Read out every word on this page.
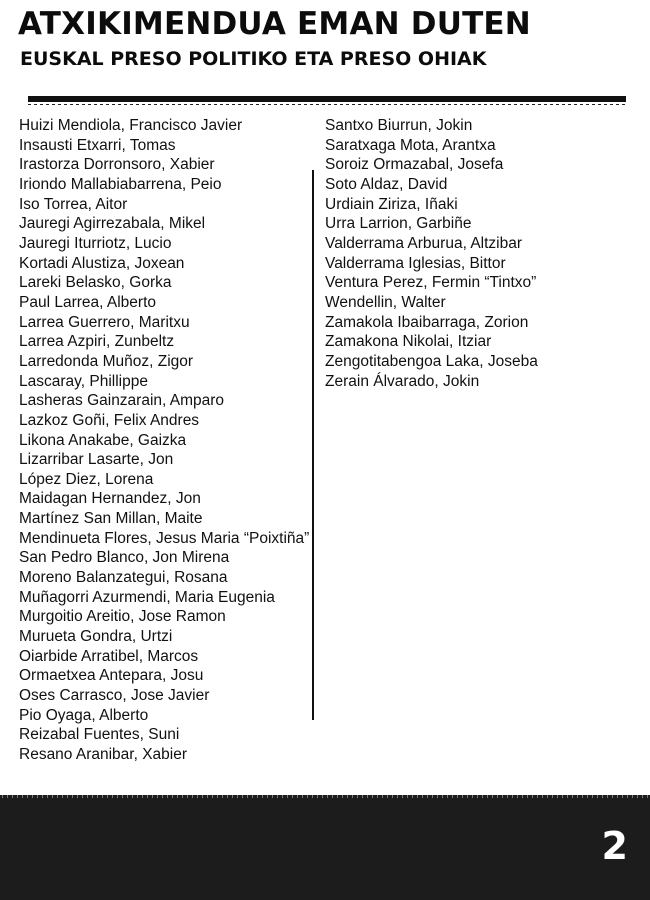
ATXIKIMENDUA EMAN DUTEN
EUSKAL PRESO POLITIKO ETA PRESO OHIAK
Huizi Mendiola, Francisco Javier
Insausti Etxarri, Tomas
Irastorza Dorronsoro, Xabier
Iriondo Mallabiabarrena, Peio
Iso Torrea, Aitor
Jauregi Agirrezabala, Mikel
Jauregi Iturriotz, Lucio
Kortadi Alustiza, Joxean
Lareki Belasko, Gorka
Paul Larrea, Alberto
Larrea Guerrero, Maritxu
Larrea Azpiri, Zunbeltz
Larredonda Muñoz, Zigor
Lascaray, Phillippe
Lasheras Gainzarain, Amparo
Lazkoz Goñi, Felix Andres
Likona Anakabe, Gaizka
Lizarribar Lasarte, Jon
López Diez, Lorena
Maidagan Hernandez, Jon
Martínez San Millan, Maite
Mendinueta Flores, Jesus Maria “Poixtiña”
San Pedro Blanco, Jon Mirena
Moreno Balanzategui, Rosana
Muñagorri Azurmendi, Maria Eugenia
Murgoitio Areitio, Jose Ramon
Murueta Gondra, Urtzi
Oiarbide Arratibel, Marcos
Ormaetxea Antepara, Josu
Oses Carrasco, Jose Javier
Pio Oyaga, Alberto
Reizabal Fuentes, Suni
Resano Aranibar, Xabier
Santxo Biurrun, Jokin
Saratxaga Mota, Arantxa
Soroiz Ormazabal, Josefa
Soto Aldaz, David
Urdiain Ziriza, Iñaki
Urra Larrion, Garbiñe
Valderrama Arburua, Altzibar
Valderrama Iglesias, Bittor
Ventura Perez, Fermin “Tintxo”
Wendellin, Walter
Zamakola Ibaibarraga, Zorion
Zamakona Nikolai, Itziar
Zengotitabengoa Laka, Joseba
Zerain Álvarado, Jokin
2
